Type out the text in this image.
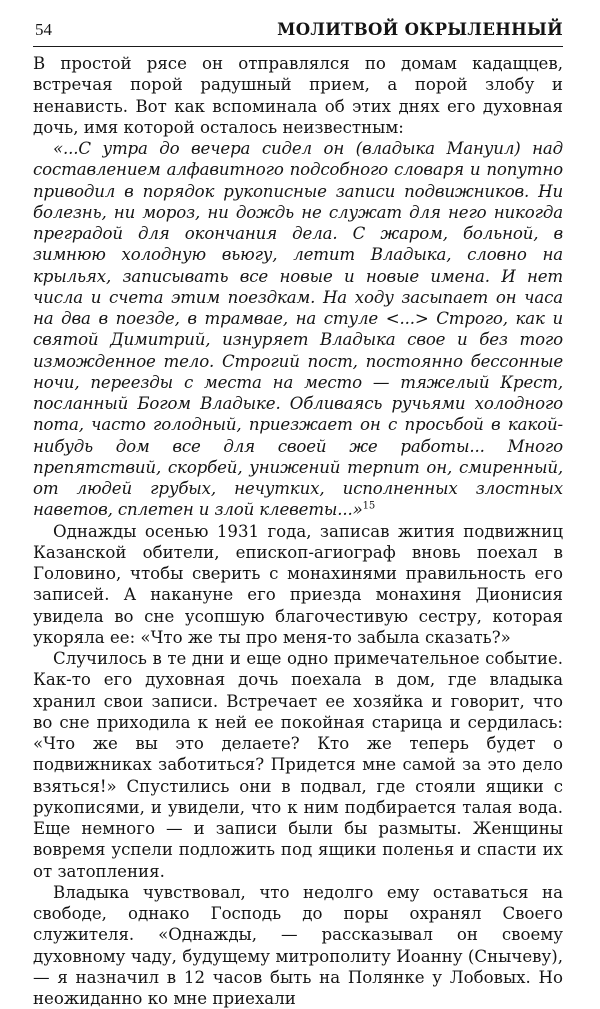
54	МОЛИТВОЙ ОКРЫЛЕННЫЙ

В простой рясе он отправлялся по домам кадащцев, встречая порой радушный прием, а порой злобу и ненависть. Вот как вспоминала об этих днях его духовная дочь, имя которой осталось неизвестным:

«...С утра до вечера сидел он (владыка Мануил) над составлением алфавитного подсобного словаря и попутно приводил в порядок рукописные записи подвижников. Ни болезнь, ни мороз, ни дождь не служат для него никогда преградой для окончания дела. С жаром, больной, в зимнюю холодную вьюгу, летит Владыка, словно на крыльях, записывать все новые и новые имена. И нет числа и счета этим поездкам. На ходу засыпает он часа на два в поезде, в трамвае, на стуле <...> Строго, как и святой Димитрий, изнуряет Владыка свое и без того изможденное тело. Строгий пост, постоянно бессонные ночи, переезды с места на место — тяжелый Крест, посланный Богом Владыке. Обливаясь ручьями холодного пота, часто голодный, приезжает он с просьбой в какой-нибудь дом все для своей же работы... Много препятствий, скорбей, унижений терпит он, смиренный, от людей грубых, нечутких, исполненных злостных наветов, сплетен и злой клеветы...»$^{15}$

Однажды осенью 1931 года, записав жития подвижниц Казанской обители, епископ-агиограф вновь поехал в Головино, чтобы сверить с монахинями правильность его записей. А накануне его приезда монахиня Дионисия увидела во сне усопшую благочестивую сестру, которая укоряла ее: «Что же ты про меня-то забыла сказать?»

Случилось в те дни и еще одно примечательное событие. Как-то его духовная дочь поехала в дом, где владыка хранил свои записи. Встречает ее хозяйка и говорит, что во сне приходила к ней ее покойная старица и сердилась: «Что же вы это делаете? Кто же теперь будет о подвижниках заботиться? Придется мне самой за это дело взяться!» Спустились они в подвал, где стояли ящики с рукописями, и увидели, что к ним подбирается талая вода. Еще немного — и записи были бы размыты. Женщины вовремя успели подложить под ящики поленья и спасти их от затопления.

Владыка чувствовал, что недолго ему оставаться на свободе, однако Господь до поры охранял Своего служителя. «Однажды, — рассказывал он своему духовному чаду, будущему митрополиту Иоанну (Снычеву), — я назначил в 12 часов быть на Полянке у Лобовых. Но неожиданно ко мне приехали
